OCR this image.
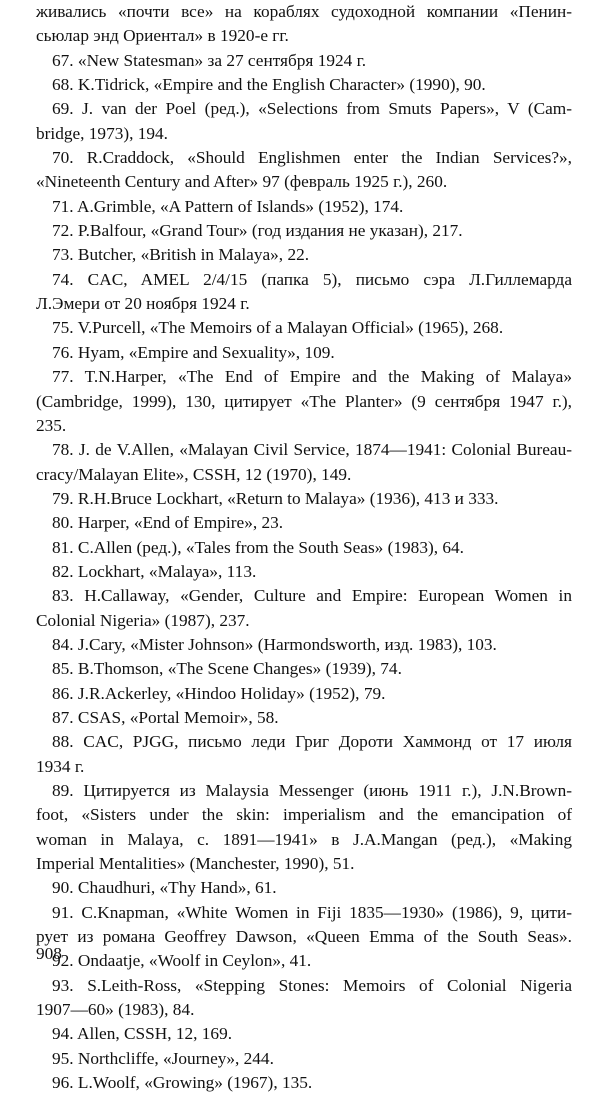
живались «почти все» на кораблях судоходной компании «Пенин-

сьюлар энд Ориентал» в 1920-е гг.

67. «New Statesman» за 27 сентября 1924 г.

68. K.Tidrick, «Empire and the English Character» (1990), 90.

69. J. van der Poel (ред.), «Selections from Smuts Papers», V (Cam-

bridge, 1973), 194.

70. R.Craddock, «Should Englishmen enter the Indian Services?»,

«Nineteenth Century and After» 97 (февраль 1925 г.), 260.

71. A.Grimble, «A Pattern of Islands» (1952), 174.

72. P.Balfour, «Grand Tour» (год издания не указан), 217.

73. Butcher, «British in Malaya», 22.

74. CAC, AMEL 2/4/15 (папка 5), письмо сэра Л.Гиллемарда

Л.Эмери от 20 ноября 1924 г.

75. V.Purcell, «The Memoirs of a Malayan Official» (1965), 268.

76. Hyam, «Empire and Sexuality», 109.

77. T.N.Harper, «The End of Empire and the Making of Malaya»

(Cambridge, 1999), 130, цитирует «The Planter» (9 сентября 1947 г.),

235.

78. J. de V.Allen, «Malayan Civil Service, 1874—1941: Colonial Bureau-

cracy/Malayan Elite», CSSH, 12 (1970), 149.

79. R.H.Bruce Lockhart, «Return to Malaya» (1936), 413 и 333.

80. Harper, «End of Empire», 23.

81. C.Allen (ред.), «Tales from the South Seas» (1983), 64.

82. Lockhart, «Malaya», 113.

83. H.Callaway, «Gender, Culture and Empire: European Women in

Colonial Nigeria» (1987), 237.

84. J.Cary, «Mister Johnson» (Harmondsworth, изд. 1983), 103.

85. B.Thomson, «The Scene Changes» (1939), 74.

86. J.R.Ackerley, «Hindoo Holiday» (1952), 79.

87. CSAS, «Portal Memoir», 58.

88. CAC, PJGG, письмо леди Григ Дороти Хаммонд от 17 июля

1934 г.

89. Цитируется из Malaysia Messenger (июнь 1911 г.), J.N.Brown-

foot, «Sisters under the skin: imperialism and the emancipation of

woman in Malaya, c. 1891—1941» в J.A.Mangan (ред.), «Making

Imperial Mentalities» (Manchester, 1990), 51.

90. Chaudhuri, «Thy Hand», 61.

91. C.Knapman, «White Women in Fiji 1835—1930» (1986), 9, цити-

рует из романа Geoffrey Dawson, «Queen Emma of the South Seas».

92. Ondaatje, «Woolf in Ceylon», 41.

93. S.Leith-Ross, «Stepping Stones: Memoirs of Colonial Nigeria

1907—60» (1983), 84.

94. Allen, CSSH, 12, 169.

95. Northcliffe, «Journey», 244.

96. L.Woolf, «Growing» (1967), 135.

908
